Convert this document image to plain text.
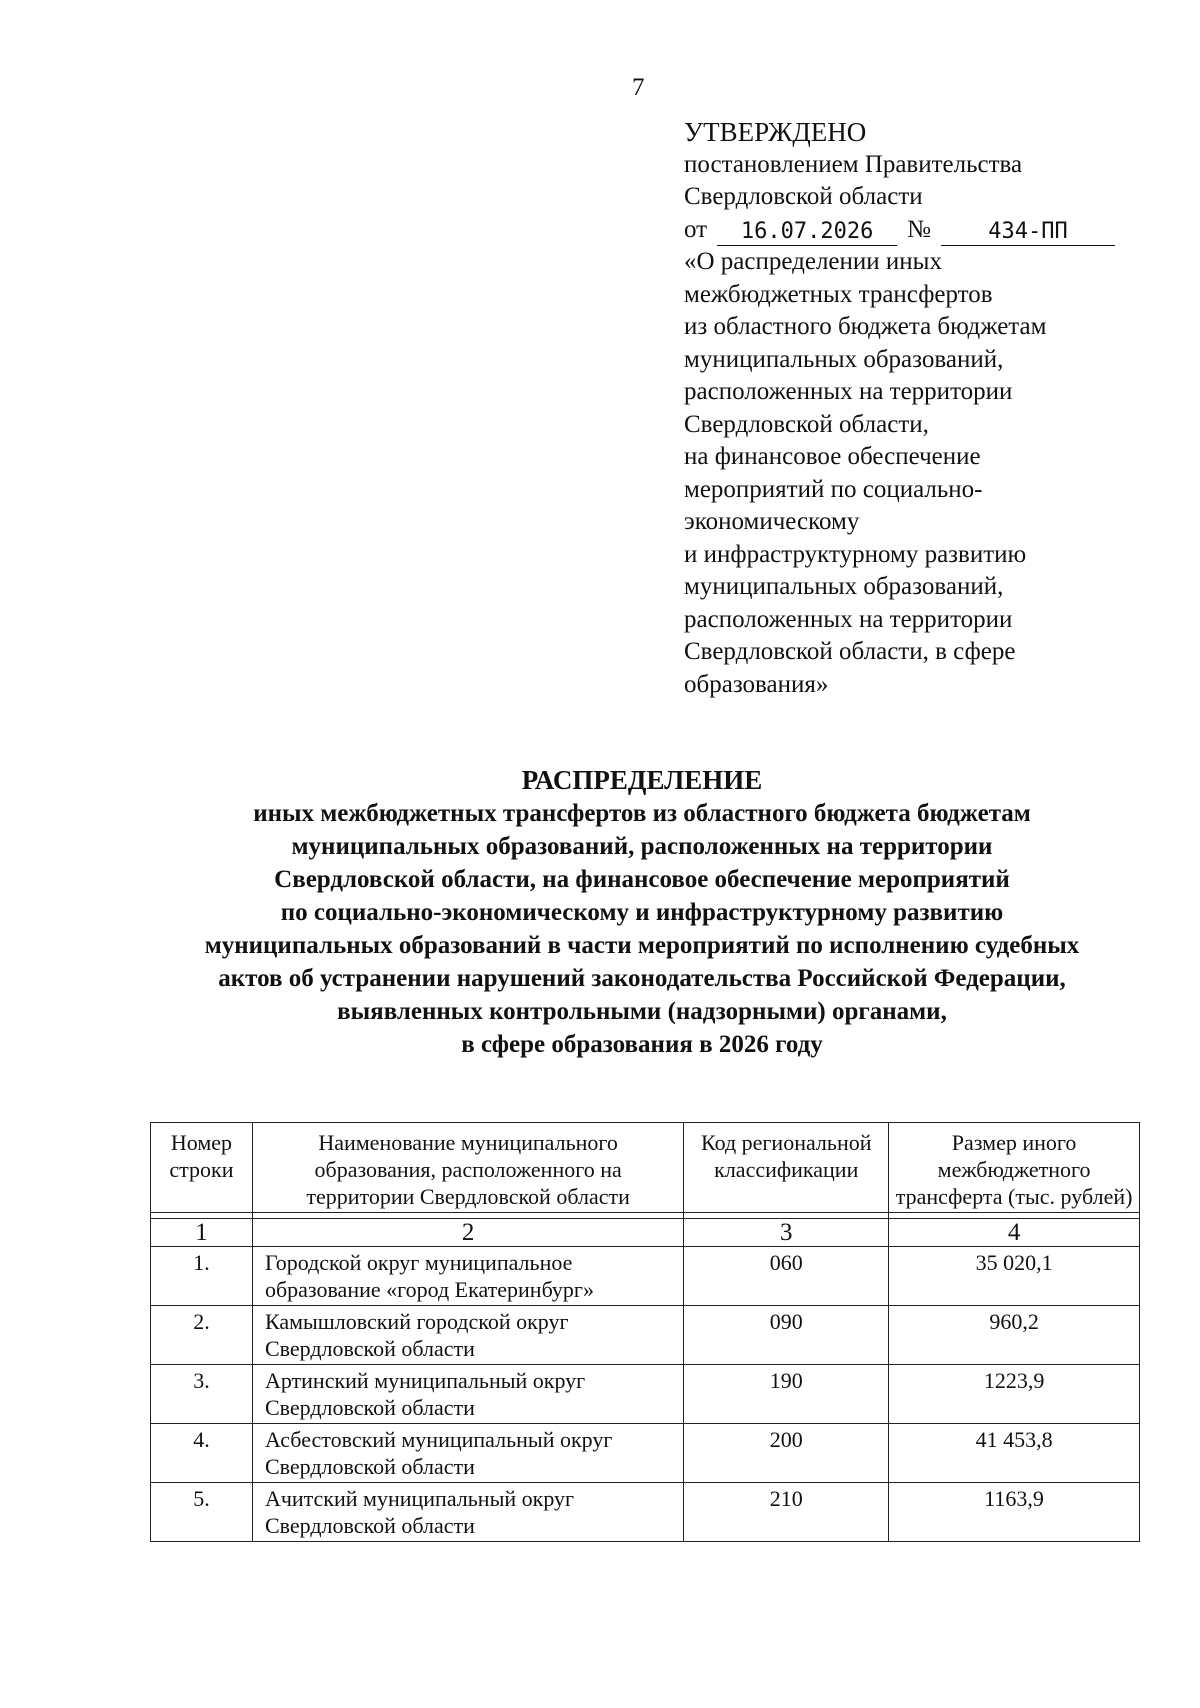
7
УТВЕРЖДЕНО
постановлением Правительства
Свердловской области
от	16.07.2026	№	434-ПП
«О распределении иных
межбюджетных трансфертов
из областного бюджета бюджетам
муниципальных образований,
расположенных на территории
Свердловской области,
на финансовое обеспечение
мероприятий по социально-
экономическому
и инфраструктурному развитию
муниципальных образований,
расположенных на территории
Свердловской области, в сфере
образования»
РАСПРЕДЕЛЕНИЕ
иных межбюджетных трансфертов из областного бюджета бюджетам
муниципальных образований, расположенных на территории
Свердловской области, на финансовое обеспечение мероприятий
по социально-экономическому и инфраструктурному развитию
муниципальных образований в части мероприятий по исполнению судебных
актов об устранении нарушений законодательства Российской Федерации,
выявленных контрольными (надзорными) органами,
в сфере образования в 2026 году
Номер строки	Наименование муниципального образования, расположенного на территории Свердловской области	Код региональной классификации	Размер иного межбюджетного трансферта (тыс. рублей)

1	2	3	4
1.	Городской округ муниципальное образование «город Екатеринбург»	060	35 020,1
2.	Камышловский городской округ Свердловской области	090	960,2
3.	Артинский муниципальный округ Свердловской области	190	1223,9
4.	Асбестовский муниципальный округ Свердловской области	200	41 453,8
5.	Ачитский муниципальный округ Свердловской области	210	1163,9
